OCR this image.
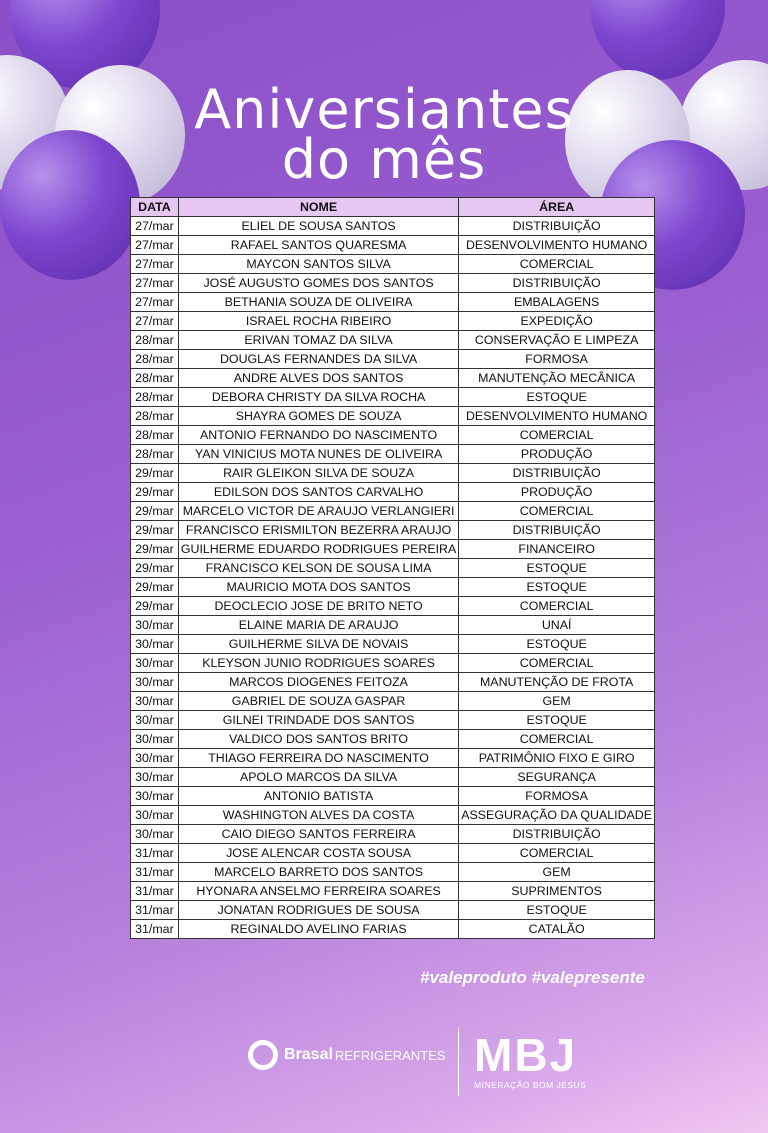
Aniversiantes
do mês
DATA	NOME	ÁREA
27/mar	ELIEL DE SOUSA SANTOS	DISTRIBUIÇÃO
27/mar	RAFAEL SANTOS QUARESMA	DESENVOLVIMENTO HUMANO
27/mar	MAYCON SANTOS SILVA	COMERCIAL
27/mar	JOSÉ AUGUSTO GOMES DOS SANTOS	DISTRIBUIÇÃO
27/mar	BETHANIA SOUZA DE OLIVEIRA	EMBALAGENS
27/mar	ISRAEL ROCHA RIBEIRO	EXPEDIÇÃO
28/mar	ERIVAN TOMAZ DA SILVA	CONSERVAÇÃO E LIMPEZA
28/mar	DOUGLAS FERNANDES DA SILVA	FORMOSA
28/mar	ANDRE ALVES DOS SANTOS	MANUTENÇÃO MECÂNICA
28/mar	DEBORA CHRISTY DA SILVA ROCHA	ESTOQUE
28/mar	SHAYRA GOMES DE SOUZA	DESENVOLVIMENTO HUMANO
28/mar	ANTONIO FERNANDO DO NASCIMENTO	COMERCIAL
28/mar	YAN VINICIUS MOTA NUNES DE OLIVEIRA	PRODUÇÃO
29/mar	RAIR GLEIKON SILVA DE SOUZA	DISTRIBUIÇÃO
29/mar	EDILSON DOS SANTOS CARVALHO	PRODUÇÃO
29/mar	MARCELO VICTOR DE ARAUJO VERLANGIERI	COMERCIAL
29/mar	FRANCISCO ERISMILTON BEZERRA ARAUJO	DISTRIBUIÇÃO
29/mar	GUILHERME EDUARDO RODRIGUES PEREIRA	FINANCEIRO
29/mar	FRANCISCO KELSON DE SOUSA LIMA	ESTOQUE
29/mar	MAURICIO MOTA DOS SANTOS	ESTOQUE
29/mar	DEOCLECIO JOSE DE BRITO NETO	COMERCIAL
30/mar	ELAINE MARIA DE ARAUJO	UNAÍ
30/mar	GUILHERME SILVA DE NOVAIS	ESTOQUE
30/mar	KLEYSON JUNIO RODRIGUES SOARES	COMERCIAL
30/mar	MARCOS DIOGENES FEITOZA	MANUTENÇÃO DE FROTA
30/mar	GABRIEL DE SOUZA GASPAR	GEM
30/mar	GILNEI TRINDADE DOS SANTOS	ESTOQUE
30/mar	VALDICO DOS SANTOS BRITO	COMERCIAL
30/mar	THIAGO FERREIRA DO NASCIMENTO	PATRIMÔNIO FIXO E GIRO
30/mar	APOLO MARCOS DA SILVA	SEGURANÇA
30/mar	ANTONIO BATISTA	FORMOSA
30/mar	WASHINGTON ALVES DA COSTA	ASSEGURAÇÃO DA QUALIDADE
30/mar	CAIO DIEGO SANTOS FERREIRA	DISTRIBUIÇÃO
31/mar	JOSE ALENCAR COSTA SOUSA	COMERCIAL
31/mar	MARCELO BARRETO DOS SANTOS	GEM
31/mar	HYONARA ANSELMO FERREIRA SOARES	SUPRIMENTOS
31/mar	JONATAN RODRIGUES DE SOUSA	ESTOQUE
31/mar	REGINALDO AVELINO FARIAS	CATALÃO
#valeproduto #valepresente
Brasal REFRIGERANTES MBJ
MINERAÇÃO BOM JESUS
